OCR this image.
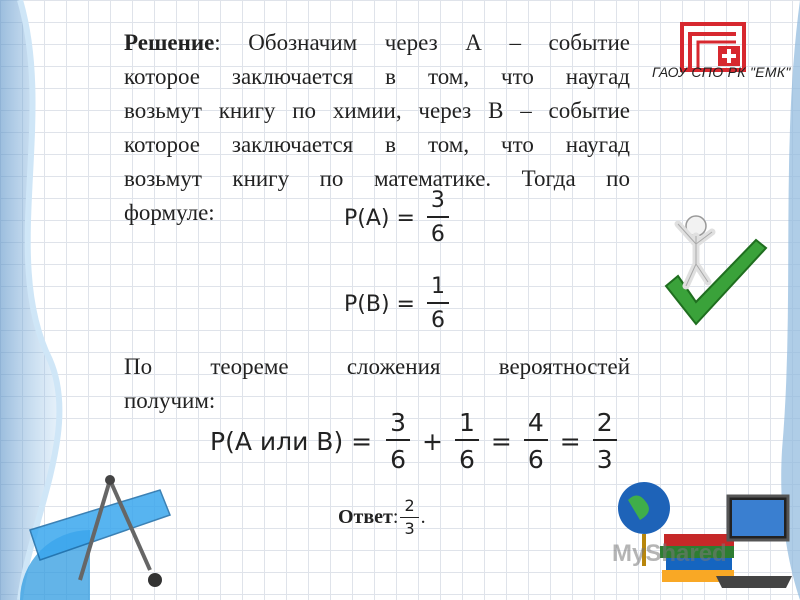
ГАОУ СПО РК "ЕМК"

Решение: Обозначим через А – событие
которое заключается в том, что наугад
возьмут книгу по химии, через В – событие
которое заключается в том, что наугад
возьмут книгу по математике. Тогда по

формуле:	$P(A) = \frac{3}{6}$
$P(B) = \frac{1}{6}$

По теореме сложения вероятностей

получим:
P(А или $B) = \frac{3}{6} + \frac{1}{6} = \frac{4}{6} = \frac{2}{3}$
Ответ : $\frac{2}{3}$ .
MyShared
